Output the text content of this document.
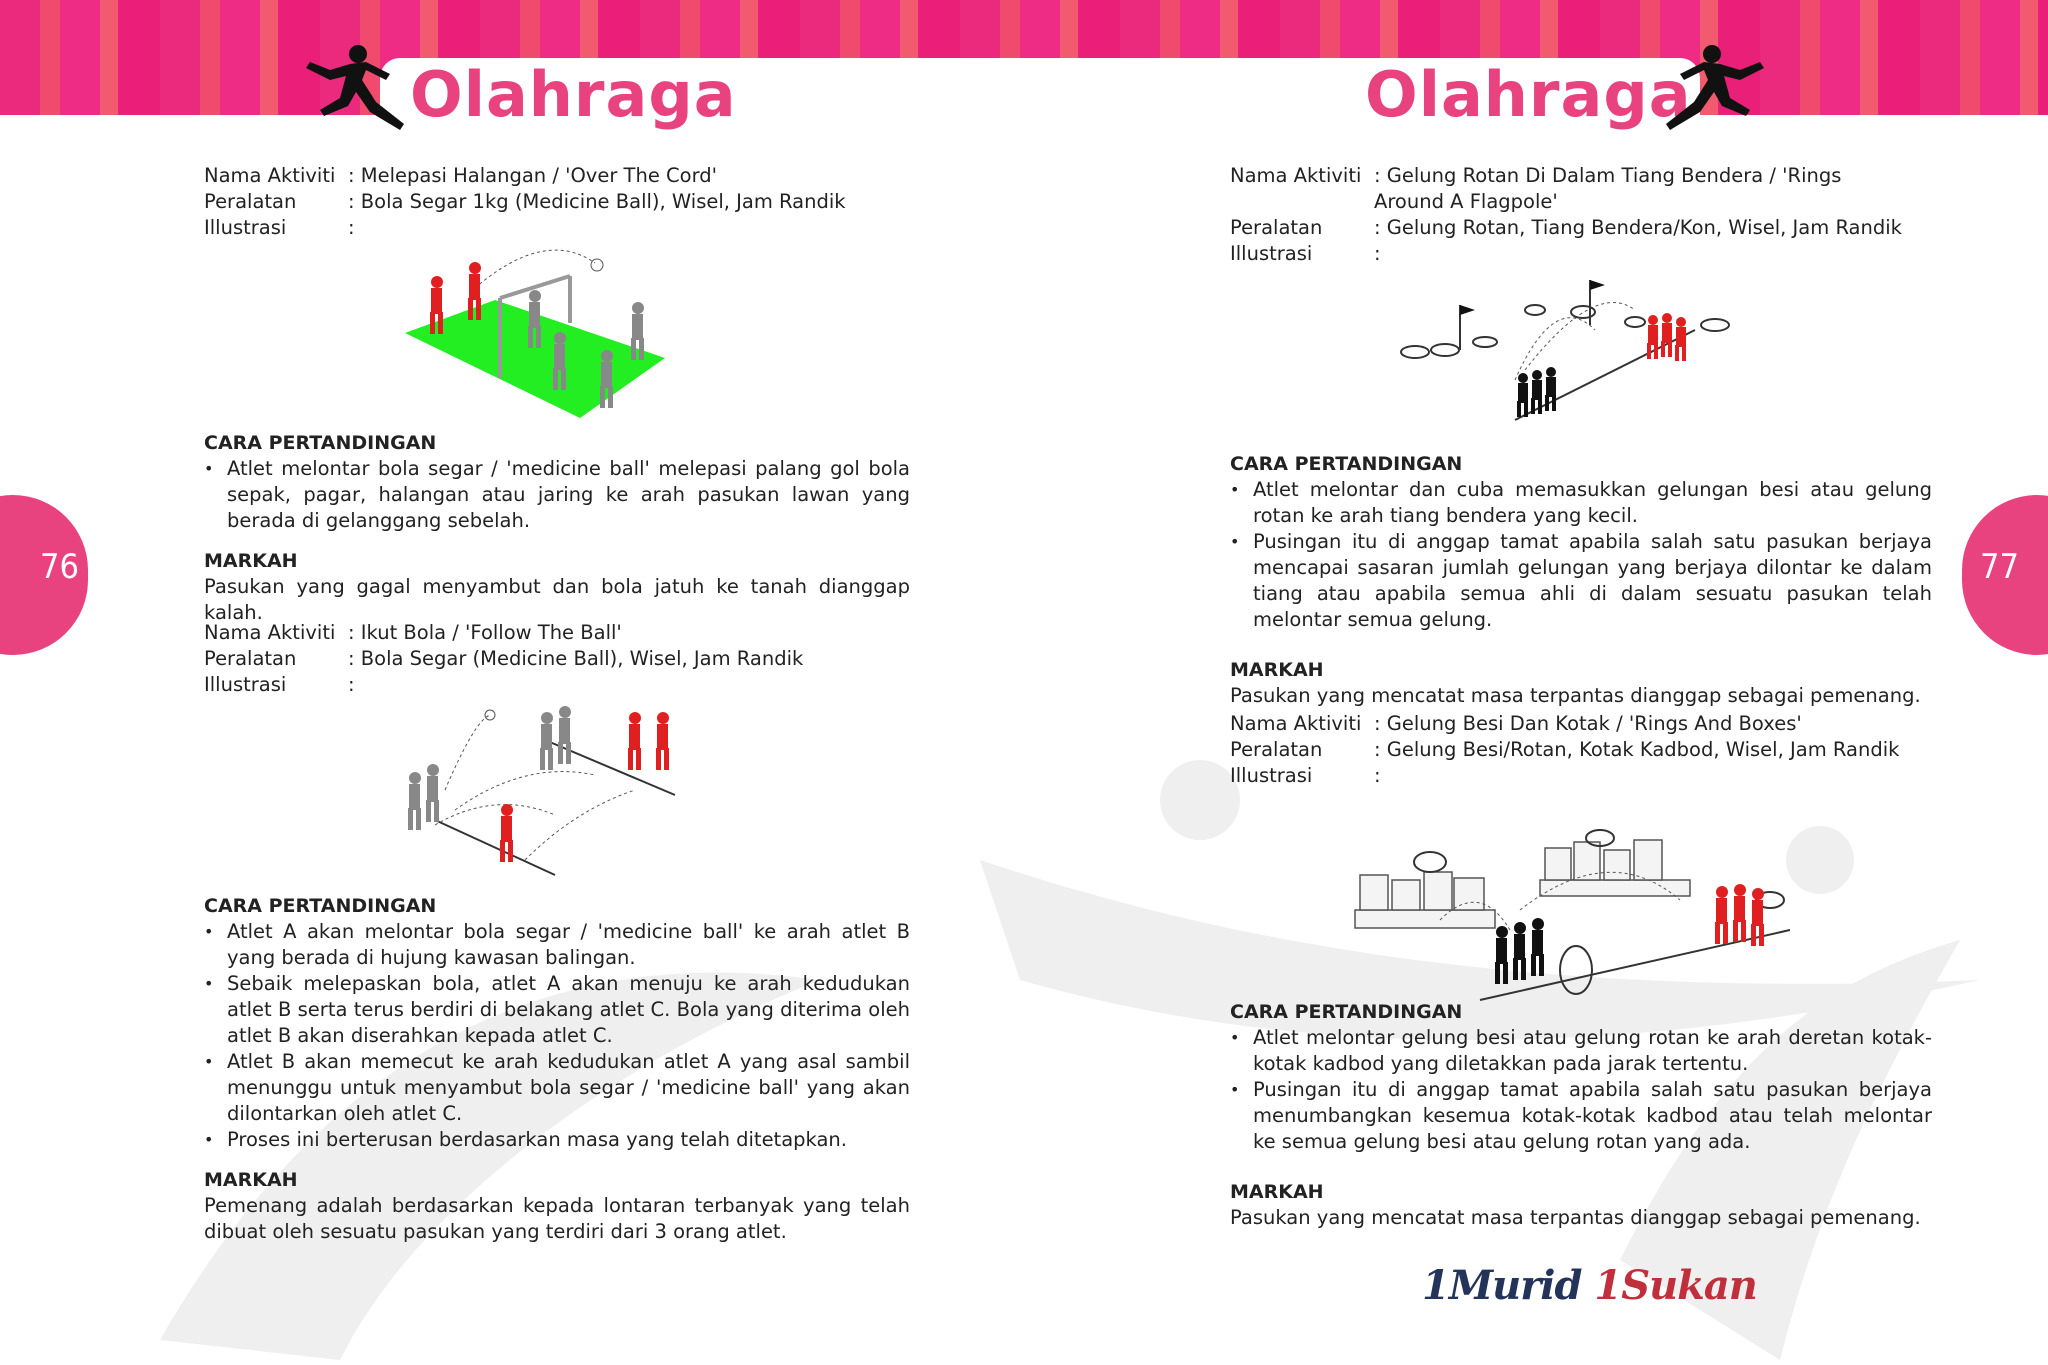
Olahraga	Olahraga
76	77
Nama Aktiviti : Melepasi Halangan / 'Over The Cord'
Peralatan	: Bola Segar 1kg (Medicine Ball), Wisel, Jam Randik
Illustrasi	:
CARA PERTANDINGAN
• Atlet melontar bola segar / 'medicine ball' melepasi palang gol bola sepak, pagar, halangan atau jaring ke arah pasukan lawan yang berada di gelanggang sebelah.
MARKAH

Pasukan yang gagal menyambut dan bola jatuh ke tanah dianggap kalah.

Nama Aktiviti : Ikut Bola / 'Follow The Ball'
Peralatan	: Bola Segar (Medicine Ball), Wisel, Jam Randik
Illustrasi	:
CARA PERTANDINGAN
• Atlet A akan melontar bola segar / 'medicine ball' ke arah atlet B yang berada di hujung kawasan balingan.
• Sebaik melepaskan bola, atlet A akan menuju ke arah kedudukan atlet B serta terus berdiri di belakang atlet C. Bola yang diterima oleh atlet B akan diserahkan kepada atlet C.
• Atlet B akan memecut ke arah kedudukan atlet A yang asal sambil menunggu untuk menyambut bola segar / 'medicine ball' yang akan dilontarkan oleh atlet C.
• Proses ini berterusan berdasarkan masa yang telah ditetapkan.
MARKAH

Pemenang adalah berdasarkan kepada lontaran terbanyak yang telah dibuat oleh sesuatu pasukan yang terdiri dari 3 orang atlet.

Nama Aktiviti : Gelung Rotan Di Dalam Tiang Bendera / 'Rings Around A Flagpole'
Peralatan	: Gelung Rotan, Tiang Bendera/Kon, Wisel, Jam Randik
Illustrasi	:
CARA PERTANDINGAN
• Atlet melontar dan cuba memasukkan gelungan besi atau gelung rotan ke arah tiang bendera yang kecil.
• Pusingan itu di anggap tamat apabila salah satu pasukan berjaya mencapai sasaran jumlah gelungan yang berjaya dilontar ke dalam tiang atau apabila semua ahli di dalam sesuatu pasukan telah melontar semua gelung.
MARKAH

Pasukan yang mencatat masa terpantas dianggap sebagai pemenang.

Nama Aktiviti : Gelung Besi Dan Kotak / 'Rings And Boxes'
Peralatan	: Gelung Besi/Rotan, Kotak Kadbod, Wisel, Jam Randik
Illustrasi	:
CARA PERTANDINGAN
• Atlet melontar gelung besi atau gelung rotan ke arah deretan kotak-kotak kadbod yang diletakkan pada jarak tertentu.
• Pusingan itu di anggap tamat apabila salah satu pasukan berjaya menumbangkan kesemua kotak-kotak kadbod atau telah melontar ke semua gelung besi atau gelung rotan yang ada.
MARKAH

Pasukan yang mencatat masa terpantas dianggap sebagai pemenang.

1Murid 1Sukan
